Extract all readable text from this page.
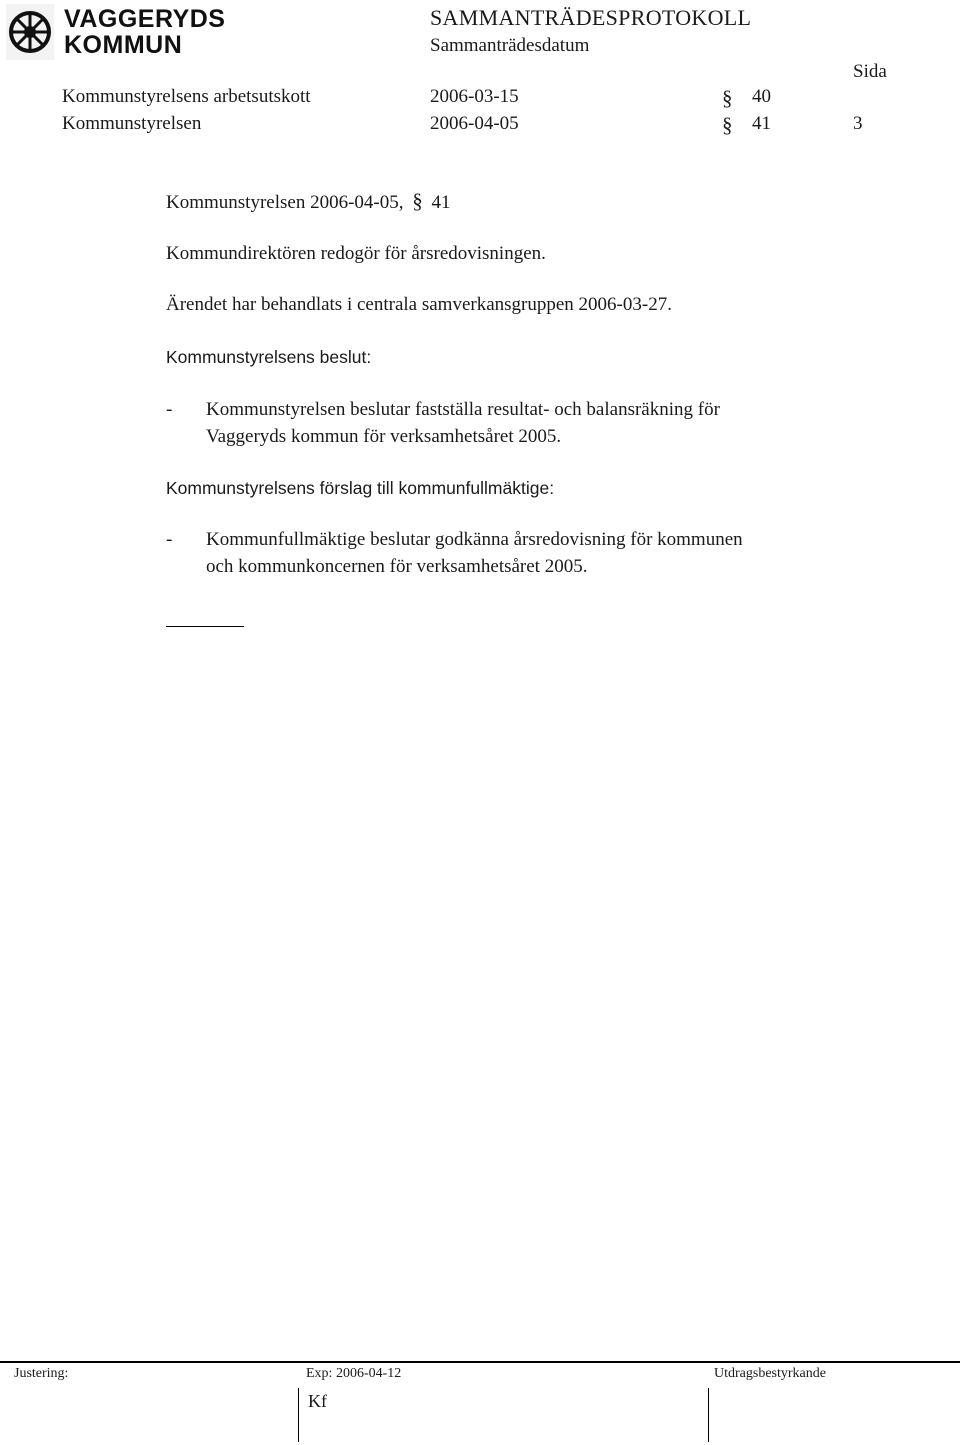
VAGGERYDS
KOMMUN
SAMMANTRÄDESPROTOKOLL
Sammanträdesdatum
Sida
Kommunstyrelsens arbetsutskott	2006-03-15	§ 40
Kommunstyrelsen	2006-04-05	§ 41	3
Kommunstyrelsen 2006-04-05, § 41
Kommundirektören redogör för årsredovisningen.
Ärendet har behandlats i centrala samverkansgruppen 2006-03-27.
Kommunstyrelsens beslut:
- Kommunstyrelsen beslutar fastställa resultat- och balansräkning för
Vaggeryds kommun för verksamhetsåret 2005.
Kommunstyrelsens förslag till kommunfullmäktige:
- Kommunfullmäktige beslutar godkänna årsredovisning för kommunen
och kommunkoncernen för verksamhetsåret 2005.
Justering:	Exp: 2006-04-12	Utdragsbestyrkande
Kf
